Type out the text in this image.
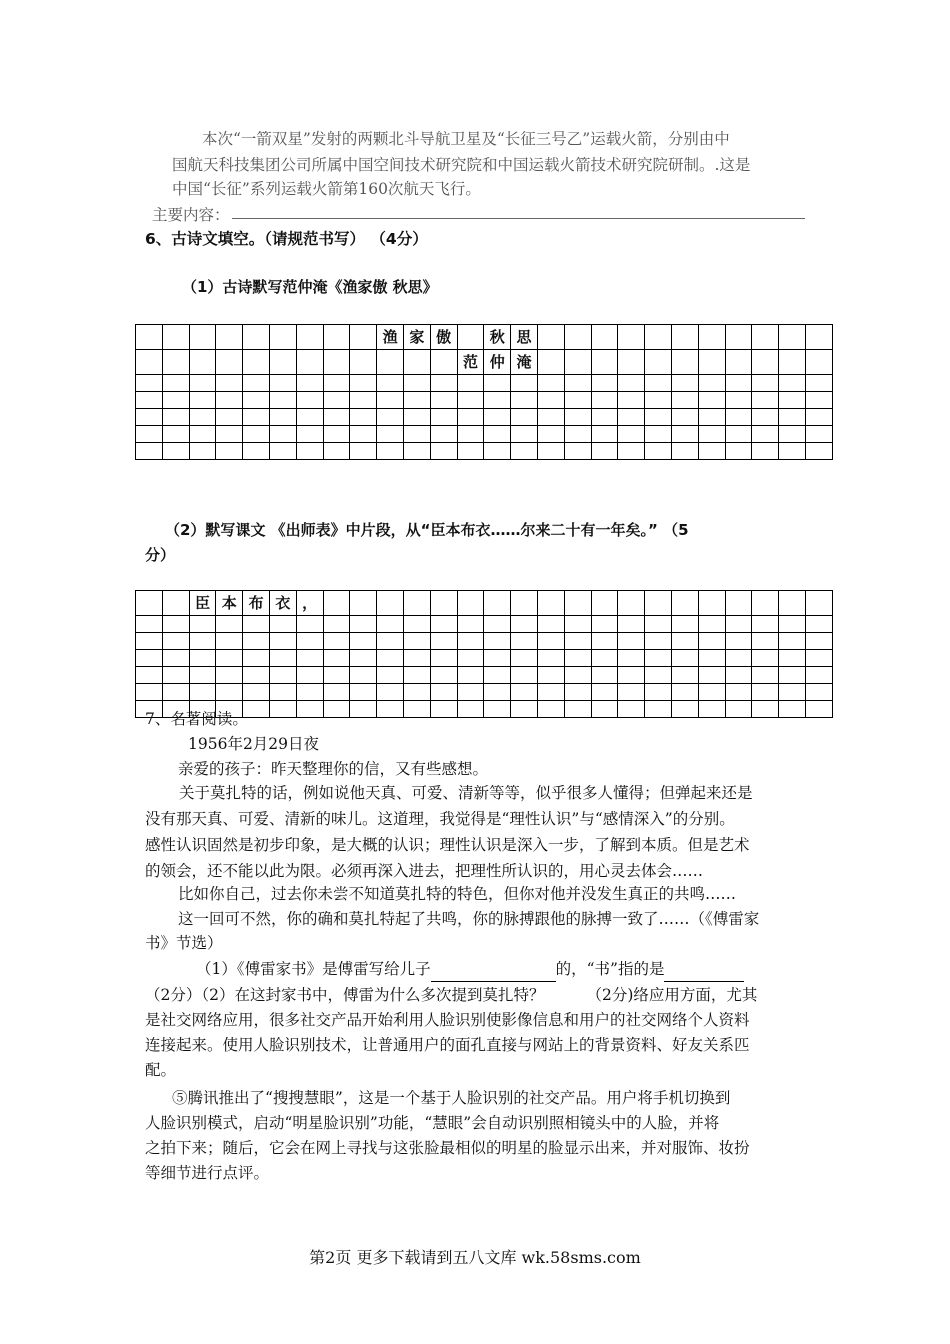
本次“一箭双星”发射的两颗北斗导航卫星及“长征三号乙”运载火箭，分别由中
国航天科技集团公司所属中国空间技术研究院和中国运载火箭技术研究院研制。.这是
中国“长征”系列运载火箭第160次航天飞行。
主要内容：
6、古诗文填空。（请规范书写） （4分）
（1）古诗默写范仲淹《渔家傲 秋思》
									渔	家	傲		秋	思											
												范	仲	淹											

（2）默写课文 《出师表》中片段，从“臣本布衣……尔来二十有一年矣。” （5
分）
		臣	本	布	衣	，																			

7、名著阅读。
1956年2月29日夜
亲爱的孩子：昨天整理你的信，又有些感想。
关于莫扎特的话，例如说他天真、可爱、清新等等，似乎很多人懂得；但弹起来还是
没有那天真、可爱、清新的味儿。这道理，我觉得是“理性认识”与“感情深入”的分别。
感性认识固然是初步印象，是大概的认识；理性认识是深入一步，了解到本质。但是艺术
的领会，还不能以此为限。必须再深入进去，把理性所认识的，用心灵去体会……
比如你自己，过去你未尝不知道莫扎特的特色，但你对他并没发生真正的共鸣……
这一回可不然，你的确和莫扎特起了共鸣，你的脉搏跟他的脉搏一致了……（《傅雷家
书》节选）
（1）《傅雷家书》是傅雷写给儿子	的，“书”指的是
（2分）（2）在这封家书中，傅雷为什么多次提到莫扎特？	（2分)络应用方面，尤其
是社交网络应用，很多社交产品开始利用人脸识别使影像信息和用户的社交网络个人资料
连接起来。使用人脸识别技术，让普通用户的面孔直接与网站上的背景资料、好友关系匹
配。
⑤腾讯推出了“搜搜慧眼”，这是一个基于人脸识别的社交产品。用户将手机切换到
人脸识别模式，启动“明星脸识别”功能，“慧眼”会自动识别照相镜头中的人脸，并将
之拍下来；随后，它会在网上寻找与这张脸最相似的明星的脸显示出来，并对服饰、妆扮
等细节进行点评。
第2页 更多下载请到五八文库 wk.58sms.com
